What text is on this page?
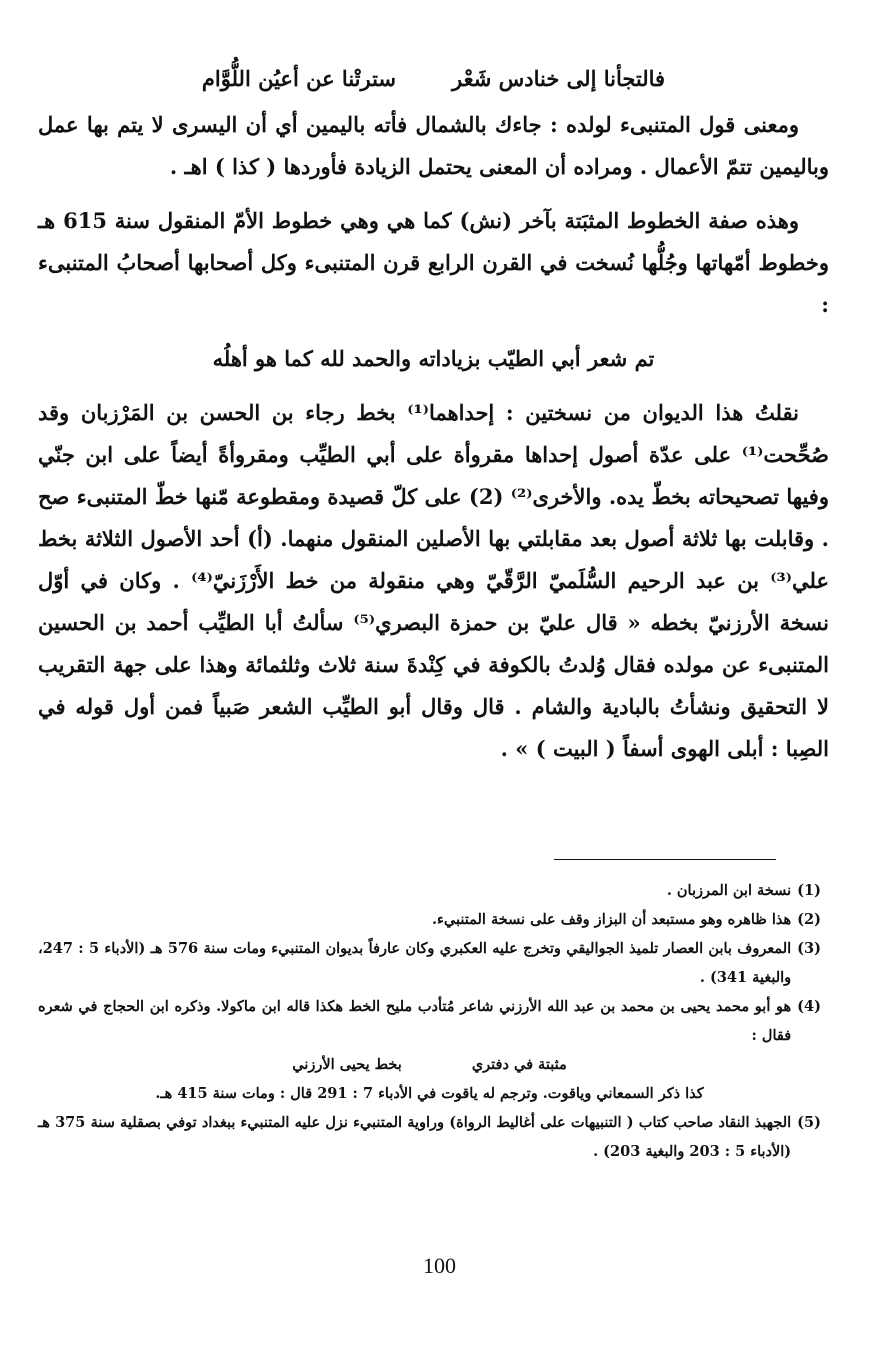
فالتجأنا إلى خنادس شَعْر
سترتْنا عن أعيُن اللُّوَّام

ومعنى قول المتنبىء لولده : جاءك بالشمال فأته باليمين أي أن اليسرى لا يتم بها عمل وباليمين تتمّ الأعمال . ومراده أن المعنى يحتمل الزيادة فأوردها ( كذا ) اهـ .

وهذه صفة الخطوط المثبَتة بآخر (نش) كما هي وهي خطوط الأمّ المنقول سنة 615 هـ وخطوط أمّهاتها وجُلُّها نُسخت في القرن الرابع قرن المتنبىء وكل أصحابها أصحابُ المتنبىء :

تم شعر أبي الطيّب بزياداته والحمد لله كما هو أهلُه

نقلتُ هذا الديوان من نسختين : إحداهما⁽¹⁾ بخط رجاء بن الحسن بن المَرْزبان وقد صُحِّحت⁽¹⁾ على عدّة أصول إحداها مقروأة على أبي الطيِّب ومقروأةً أيضاً على ابن جنّي وفيها تصحيحاته بخطّ يده. والأخرى⁽²⁾ (2) على كلّ قصيدة ومقطوعة مّنها خطّ المتنبىء صح . وقابلت بها ثلاثة أصول بعد مقابلتي بها الأصلين المنقول منهما. (أ) أحد الأصول الثلاثة بخط علي⁽³⁾ بن عبد الرحيم السُّلَميّ الرَّقّيّ وهي منقولة من خط الأَرْزَنيّ⁽⁴⁾ . وكان في أوّل نسخة الأرزنيّ بخطه « قال عليّ بن حمزة البصري⁽⁵⁾ سألتُ أبا الطيِّب أحمد بن الحسين المتنبىء عن مولده فقال وُلدتُ بالكوفة في كِنْدةَ سنة ثلاث وثلثمائة وهذا على جهة التقريب لا التحقيق ونشأتُ بالبادية والشام . قال وقال أبو الطيِّب الشعر صَبياً فمن أول قوله في الصِبا : أبلى الهوى أسفاً ( البيت ) » .

(1)
نسخة ابن المرزبان .
(2)
هذا ظاهره وهو مستبعد أن البزاز وقف على نسخة المتنبيء.
(3)
المعروف بابن العصار تلميذ الجواليقي وتخرج عليه العكبري وكان عارفاً بديوان المتنبيء ومات سنة 576 هـ (الأدباء 5 : 247، والبغية 341) .
(4)
هو أبو محمد يحيى بن محمد بن عبد الله الأرزني شاعر مُتأدب مليح الخط هكذا قاله ابن ماكولا. وذكره ابن الحجاج في شعره فقال :
مثبتة في دفتري
بخط يحيى الأرزني
كذا ذكر السمعاني وياقوت. وترجم له ياقوت في الأدباء 7 : 291 قال : ومات سنة 415 هـ.
(5)
الجهبذ النقاد صاحب كتاب ( التنبيهات على أغاليط الرواة) وراوية المتنبيء نزل عليه المتنبيء ببغداد توفي بصقلية سنة 375 هـ (الأدباء 5 : 203 والبغية 203) .
100
